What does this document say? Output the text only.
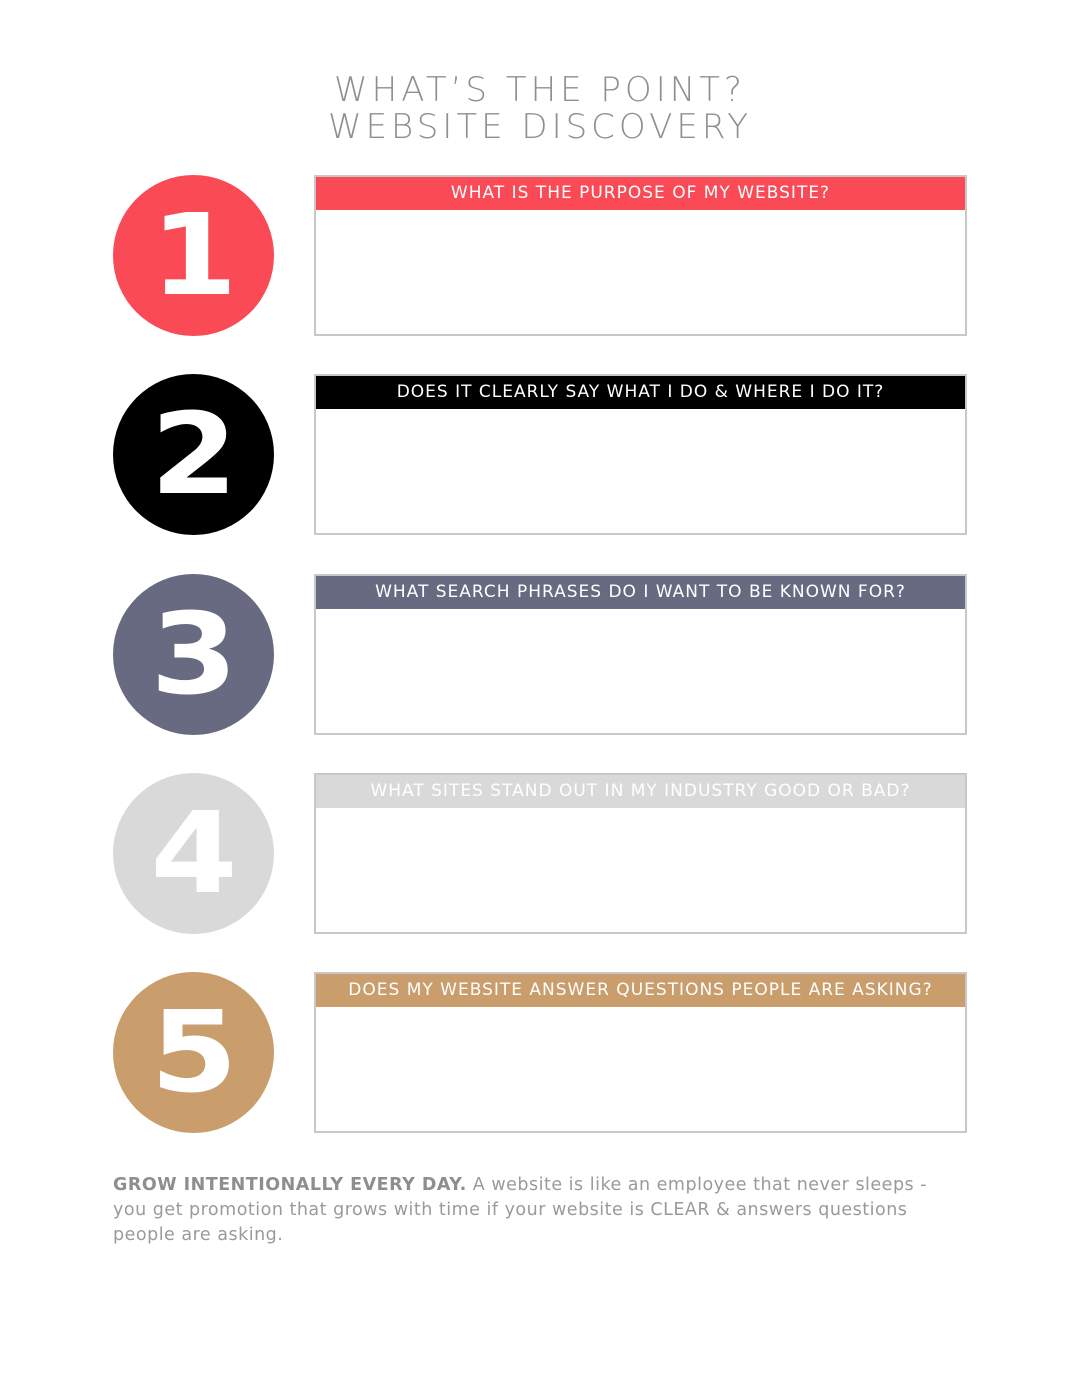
WHAT’S THE POINT?
WEBSITE DISCOVERY
1	WHAT IS THE PURPOSE OF MY WEBSITE?
2	DOES IT CLEARLY SAY WHAT I DO & WHERE I DO IT?
3	WHAT SEARCH PHRASES DO I WANT TO BE KNOWN FOR?
4	WHAT SITES STAND OUT IN MY INDUSTRY GOOD OR BAD?
5	DOES MY WEBSITE ANSWER QUESTIONS PEOPLE ARE ASKING?
GROW INTENTIONALLY EVERY DAY. A website is like an employee that never sleeps - you get promotion that grows with time if your website is CLEAR & answers questions people are asking.
